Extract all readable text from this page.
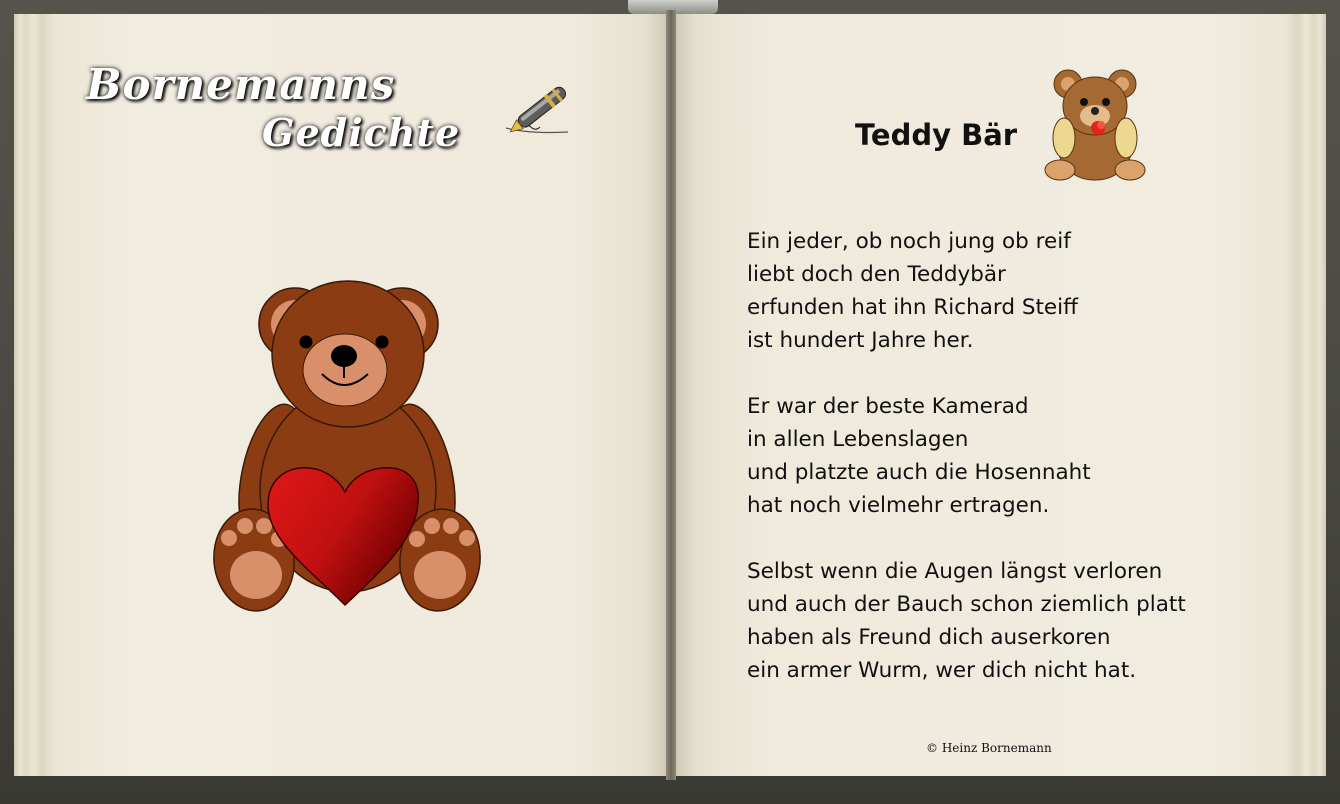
Bornemanns
Gedichte	Teddy Bär
Ein jeder, ob noch jung ob reif
liebt doch den Teddybär
erfunden hat ihn Richard Steiff
ist hundert Jahre her.
Er war der beste Kamerad
in allen Lebenslagen
und platzte auch die Hosennaht
hat noch vielmehr ertragen.
Selbst wenn die Augen längst verloren
und auch der Bauch schon ziemlich platt
haben als Freund dich auserkoren
ein armer Wurm, wer dich nicht hat.
© Heinz Bornemann
